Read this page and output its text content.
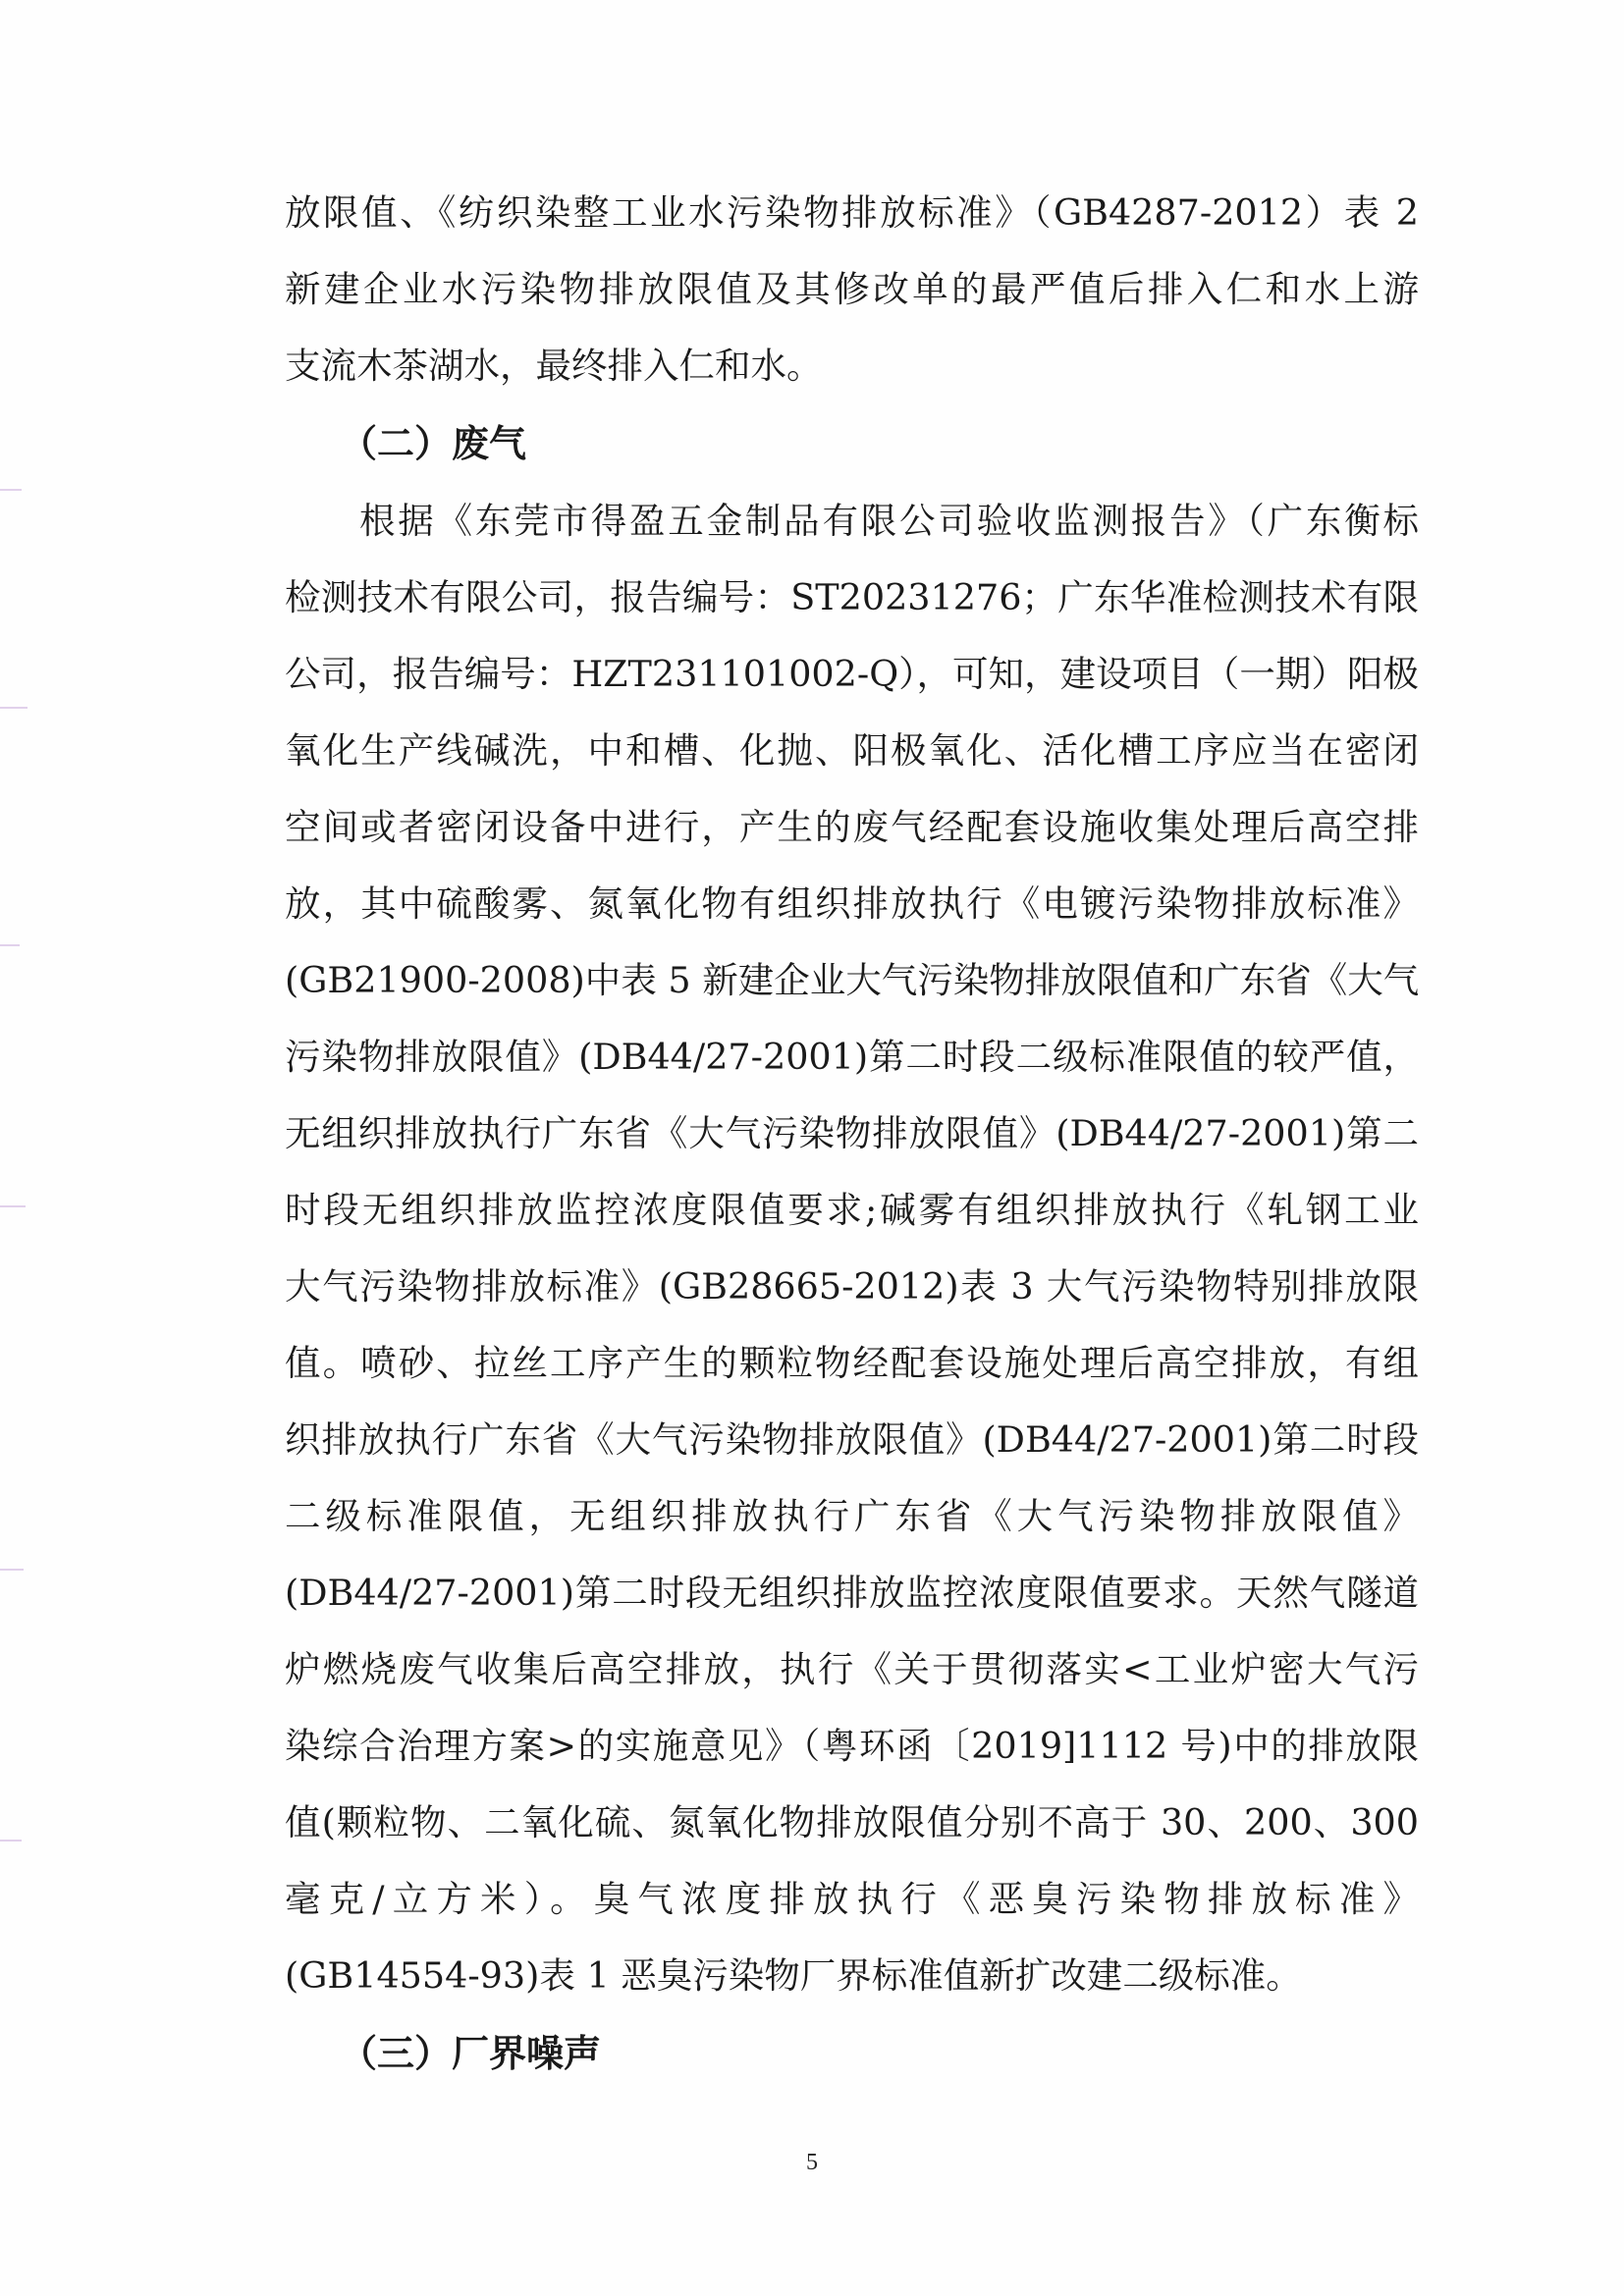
放限值、《纺织染整工业水污染物排放标准》（GB4287-2012）表 2
新建企业水污染物排放限值及其修改单的最严值后排入仁和水上游
支流木茶湖水，最终排入仁和水。
（二）废气
根据《东莞市得盈五金制品有限公司验收监测报告》（广东衡标
检测技术有限公司，报告编号：ST20231276；广东华准检测技术有限
公司，报告编号：HZT231101002-Q），可知，建设项目（一期）阳极
氧化生产线碱洗，中和槽、化抛、阳极氧化、活化槽工序应当在密闭
空间或者密闭设备中进行，产生的废气经配套设施收集处理后高空排
放，其中硫酸雾、氮氧化物有组织排放执行《电镀污染物排放标准》
(GB21900-2008)中表 5 新建企业大气污染物排放限值和广东省《大气
污染物排放限值》(DB44/27-2001)第二时段二级标准限值的较严值，
无组织排放执行广东省《大气污染物排放限值》(DB44/27-2001)第二
时段无组织排放监控浓度限值要求;碱雾有组织排放执行《轧钢工业
大气污染物排放标准》(GB28665-2012)表 3 大气污染物特别排放限
值。喷砂、拉丝工序产生的颗粒物经配套设施处理后高空排放，有组
织排放执行广东省《大气污染物排放限值》(DB44/27-2001)第二时段
二级标准限值，无组织排放执行广东省《大气污染物排放限值》
(DB44/27-2001)第二时段无组织排放监控浓度限值要求。天然气隧道
炉燃烧废气收集后高空排放，执行《关于贯彻落实<工业炉密大气污
染综合治理方案>的实施意见》（粤环函〔2019]1112 号)中的排放限
值(颗粒物、二氧化硫、氮氧化物排放限值分别不高于 30、200、300
毫克/立方米）。臭气浓度排放执行《恶臭污染物排放标准》
(GB14554-93)表 1 恶臭污染物厂界标准值新扩改建二级标准。
（三）厂界噪声
5
